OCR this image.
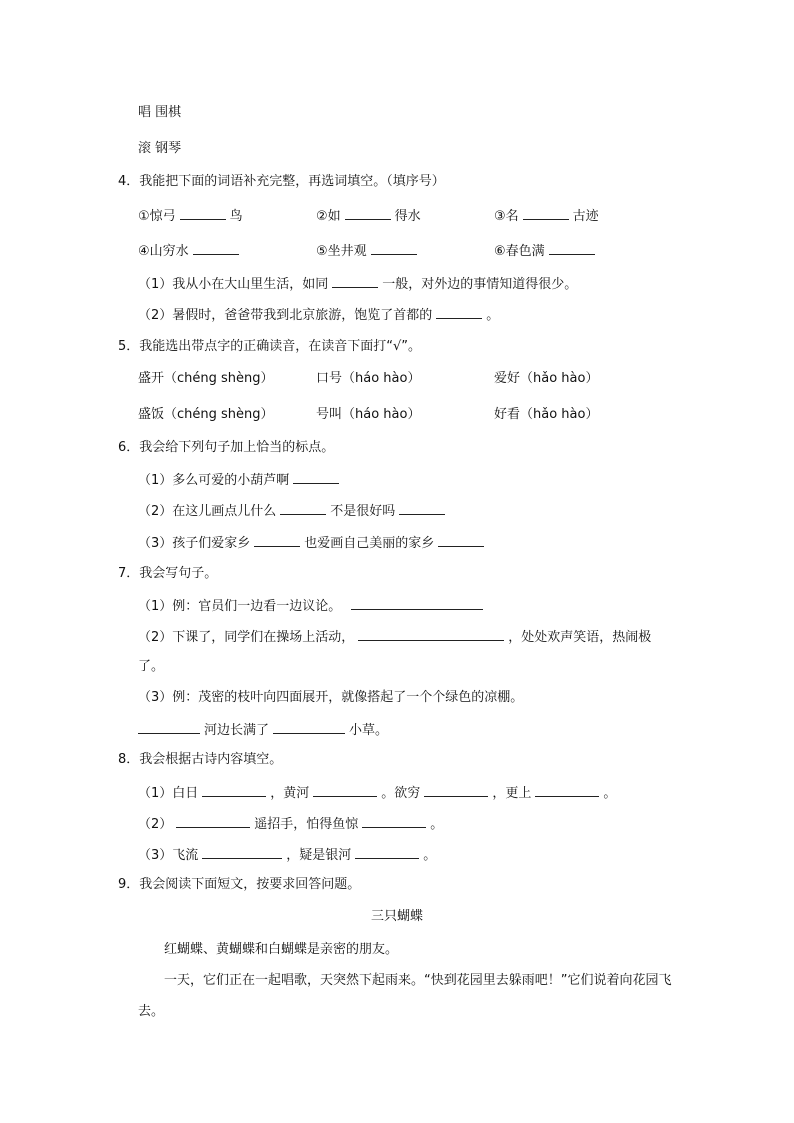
唱 围棋
滚 钢琴
4．我能把下面的词语补充完整，再选词填空。（填序号）
①惊弓	鸟	②如	得水	③名	古迹
④山穷水	⑤坐井观	⑥春色满
（1）我从小在大山里生活，如同	一般，对外边的事情知道得很少。
（2）暑假时，爸爸带我到北京旅游，饱览了首都的	。
5．我能选出带点字的正确读音，在读音下面打“√”。
盛开（chéng shèng）	口号（háo hào）	爱好（hǎo hào）
盛饭（chéng shèng）	号叫（háo hào）	好看（hǎo hào）
6．我会给下列句子加上恰当的标点。
（1）多么可爱的小葫芦啊
（2）在这儿画点儿什么	不是很好吗
（3）孩子们爱家乡	也爱画自己美丽的家乡
7．我会写句子。
（1）例：官员们一边看一边议论。
（2）下课了，同学们在操场上活动，	，处处欢声笑语，热闹极
了。
（3）例：茂密的枝叶向四面展开，就像搭起了一个个绿色的凉棚。
河边长满了	小草。
8．我会根据古诗内容填空。
（1）白日	，黄河	。欲穷	，更上	。
（2）	遥招手，怕得鱼惊	。
（3）飞流	，疑是银河	。
9．我会阅读下面短文，按要求回答问题。
三只蝴蝶
红蝴蝶、黄蝴蝶和白蝴蝶是亲密的朋友。
一天，它们正在一起唱歌，天突然下起雨来。“快到花园里去躲雨吧！”它们说着向花园飞去。
